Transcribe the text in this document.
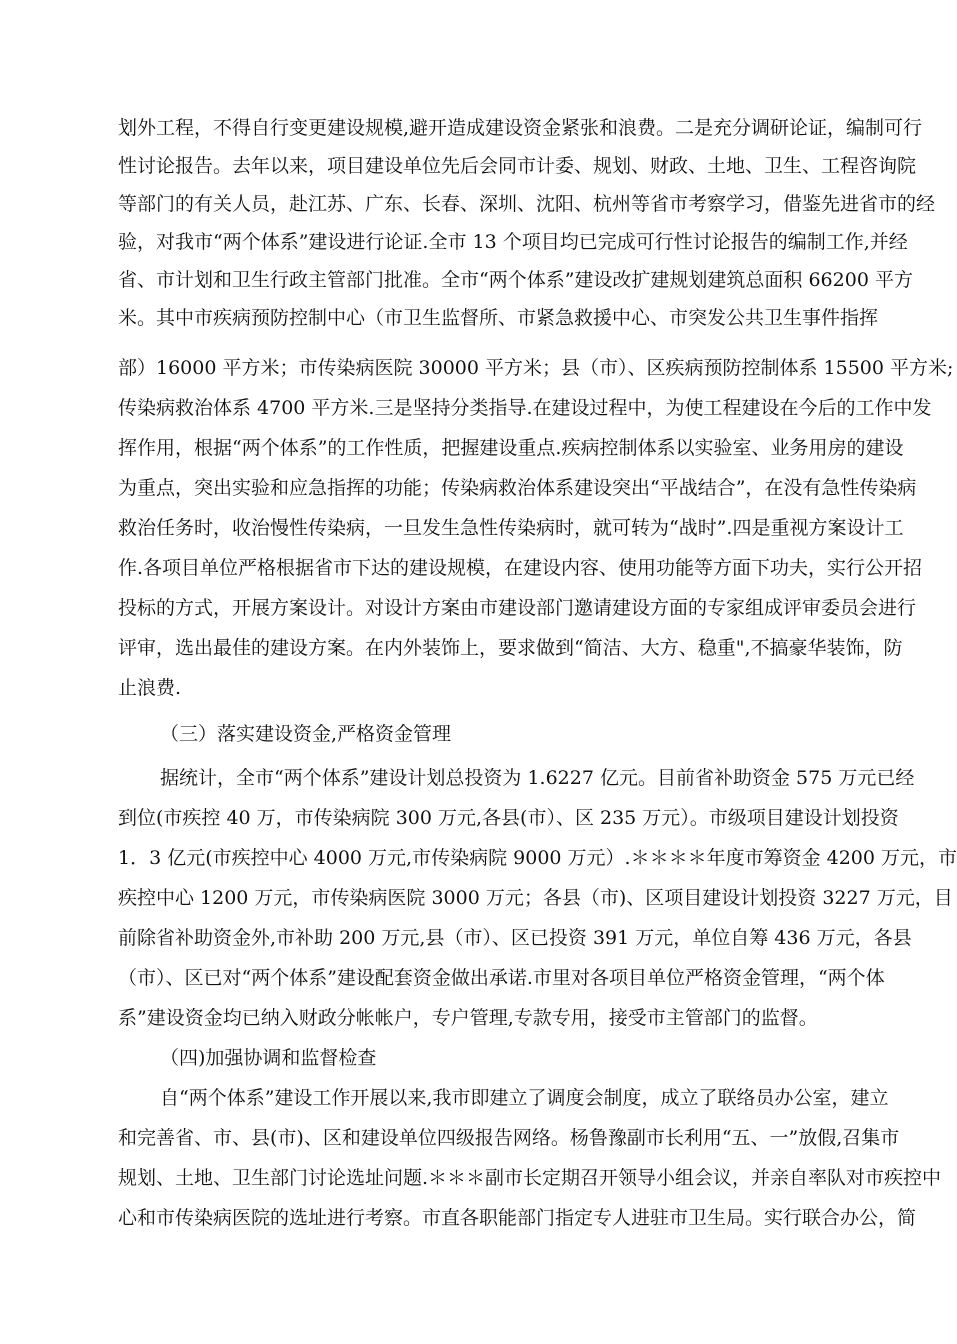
划外工程，不得自行变更建设规模,避开造成建设资金紧张和浪费。二是充分调研论证，编制可行
性讨论报告。去年以来，项目建设单位先后会同市计委、规划、财政、土地、卫生、工程咨询院
等部门的有关人员，赴江苏、广东、长春、深圳、沈阳、杭州等省市考察学习，借鉴先进省市的经
验，对我市“两个体系”建设进行论证.全市 13 个项目均已完成可行性讨论报告的编制工作,并经
省、市计划和卫生行政主管部门批准。全市“两个体系”建设改扩建规划建筑总面积 66200 平方
米。其中市疾病预防控制中心（市卫生监督所、市紧急救援中心、市突发公共卫生事件指挥
部）16000 平方米；市传染病医院 30000 平方米；县（市）、区疾病预防控制体系 15500 平方米;
传染病救治体系 4700 平方米.三是坚持分类指导.在建设过程中，为使工程建设在今后的工作中发
挥作用，根据“两个体系”的工作性质，把握建设重点.疾病控制体系以实验室、业务用房的建设
为重点，突出实验和应急指挥的功能；传染病救治体系建设突出“平战结合”，在没有急性传染病
救治任务时，收治慢性传染病，一旦发生急性传染病时，就可转为“战时”.四是重视方案设计工
作.各项目单位严格根据省市下达的建设规模，在建设内容、使用功能等方面下功夫，实行公开招
投标的方式，开展方案设计。对设计方案由市建设部门邀请建设方面的专家组成评审委员会进行
评审，选出最佳的建设方案。在内外装饰上，要求做到“简洁、大方、稳重",不搞豪华装饰，防
止浪费.
（三）落实建设资金,严格资金管理
据统计，全市“两个体系”建设计划总投资为 1.6227 亿元。目前省补助资金 575 万元已经
到位(市疾控 40 万，市传染病院 300 万元,各县(市）、区 235 万元）。市级项目建设计划投资
1．3 亿元(市疾控中心 4000 万元,市传染病院 9000 万元）.＊＊＊＊年度市筹资金 4200 万元，市
疾控中心 1200 万元，市传染病医院 3000 万元；各县（市)、区项目建设计划投资 3227 万元，目
前除省补助资金外,市补助 200 万元,县（市）、区已投资 391 万元，单位自筹 436 万元，各县
（市）、区已对“两个体系”建设配套资金做出承诺.市里对各项目单位严格资金管理，“两个体
系”建设资金均已纳入财政分帐帐户，专户管理,专款专用，接受市主管部门的监督。
（四)加强协调和监督检查
自“两个体系”建设工作开展以来,我市即建立了调度会制度，成立了联络员办公室，建立
和完善省、市、县(市)、区和建设单位四级报告网络。杨鲁豫副市长利用“五、一”放假,召集市
规划、土地、卫生部门讨论选址问题.＊＊＊副市长定期召开领导小组会议，并亲自率队对市疾控中
心和市传染病医院的选址进行考察。市直各职能部门指定专人进驻市卫生局。实行联合办公，简
